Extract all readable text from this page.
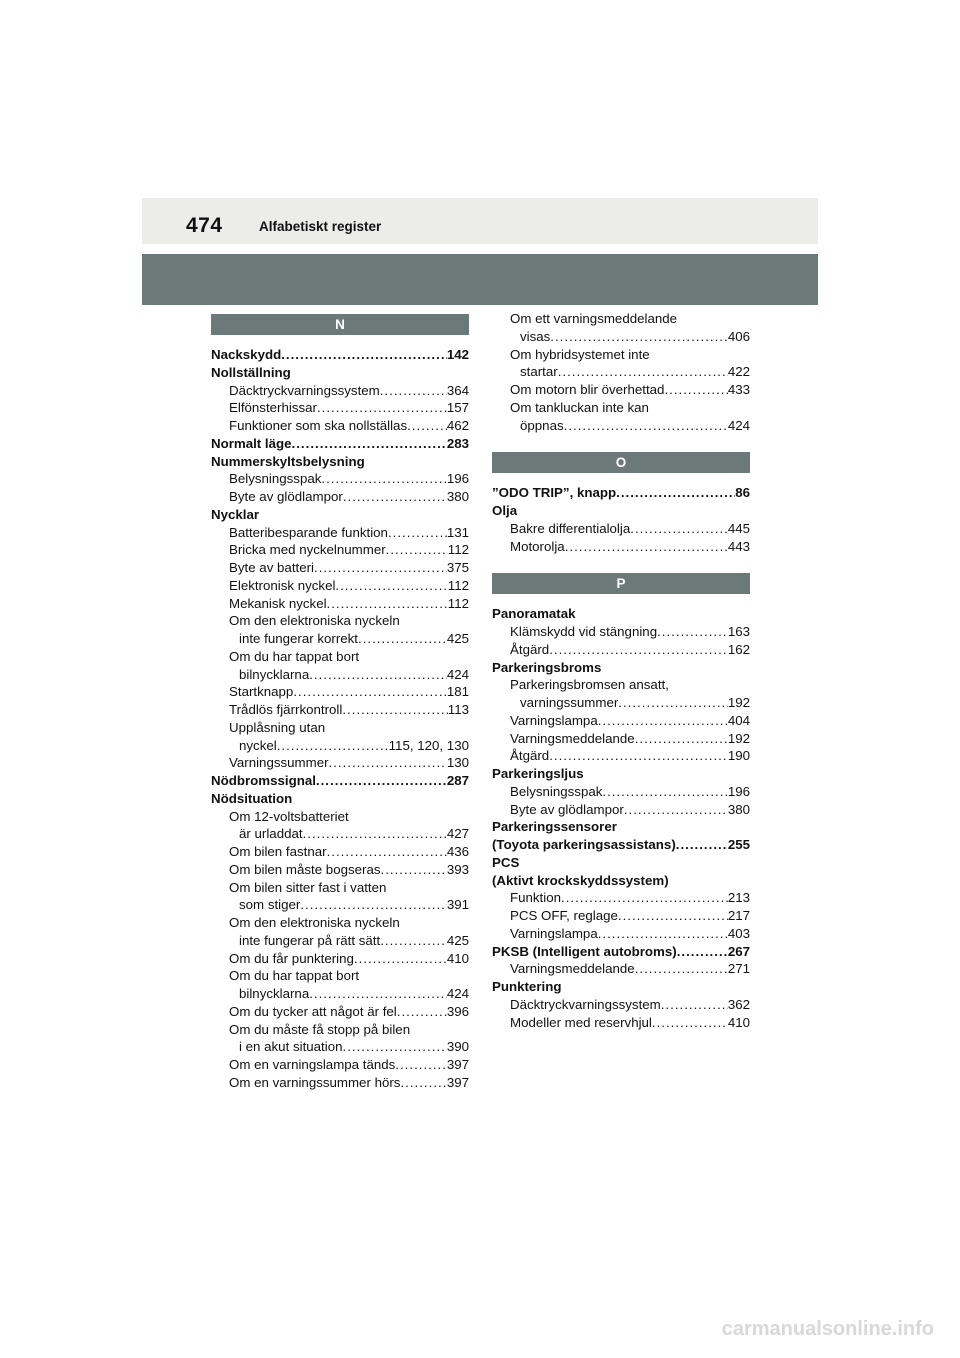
474	Alfabetiskt register
N
Nackskydd .....	142
Nollställning
Däcktryckvarningssystem .....	364
Elfönsterhissar .....	157
Funktioner som ska nollställas .....	462
Normalt läge .....	283
Nummerskyltsbelysning
Belysningsspak .....	196
Byte av glödlampor .....	380
Nycklar
Batteribesparande funktion .....	131
Bricka med nyckelnummer .....	112
Byte av batteri .....	375
Elektronisk nyckel .....	112
Mekanisk nyckel .....	112
Om den elektroniska nyckeln
inte fungerar korrekt .....	425
Om du har tappat bort
bilnycklarna .....	424
Startknapp .....	181
Trådlös fjärrkontroll .....	113
Upplåsning utan
nyckel .....	115, 120, 130
Varningssummer .....	130
Nödbromssignal .....	287
Nödsituation
Om 12-voltsbatteriet
är urladdat .....	427
Om bilen fastnar .....	436
Om bilen måste bogseras .....	393
Om bilen sitter fast i vatten
som stiger .....	391
Om den elektroniska nyckeln
inte fungerar på rätt sätt .....	425
Om du får punktering .....	410
Om du har tappat bort
bilnycklarna .....	424
Om du tycker att något är fel .....	396
Om du måste få stopp på bilen
i en akut situation .....	390
Om en varningslampa tänds .....	397
Om en varningssummer hörs .....	397
Om ett varningsmeddelande
visas .....	406
Om hybridsystemet inte
startar .....	422
Om motorn blir överhettad .....	433
Om tankluckan inte kan
öppnas .....	424
O
”ODO TRIP”, knapp .....	86
Olja
Bakre differentialolja .....	445
Motorolja .....	443
P
Panoramatak
Klämskydd vid stängning .....	163
Åtgärd .....	162
Parkeringsbroms
Parkeringsbromsen ansatt,
varningssummer .....	192
Varningslampa .....	404
Varningsmeddelande .....	192
Åtgärd .....	190
Parkeringsljus
Belysningsspak .....	196
Byte av glödlampor .....	380
Parkeringssensorer
(Toyota parkeringsassistans) .....	255
PCS
(Aktivt krockskyddssystem)
Funktion .....	213
PCS OFF, reglage .....	217
Varningslampa .....	403
PKSB (Intelligent autobroms) .....	267
Varningsmeddelande .....	271
Punktering
Däcktryckvarningssystem .....	362
Modeller med reservhjul .....	410
carmanualsonline.info
